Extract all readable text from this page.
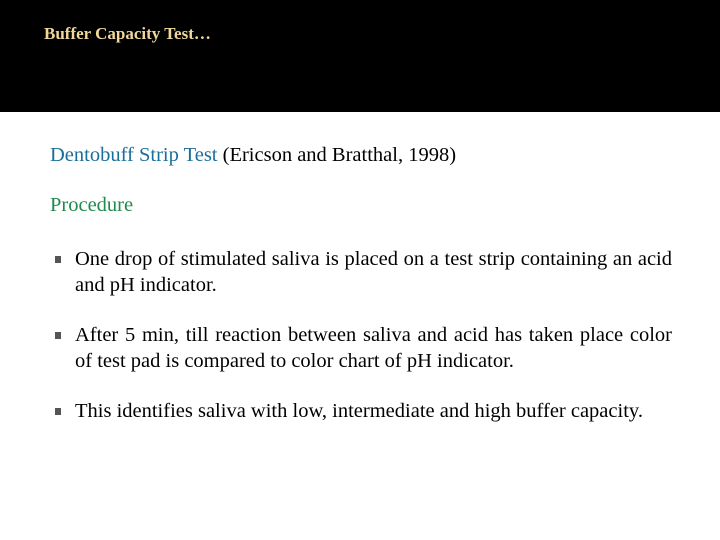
Buffer Capacity Test…
Dentobuff Strip Test (Ericson and Bratthal, 1998)
Procedure
One drop of stimulated saliva is placed on a test strip containing an acid and pH indicator.
After 5 min, till reaction between saliva and acid has taken place color of test pad is compared to color chart of pH indicator.
This identifies saliva with low, intermediate and high buffer capacity.
